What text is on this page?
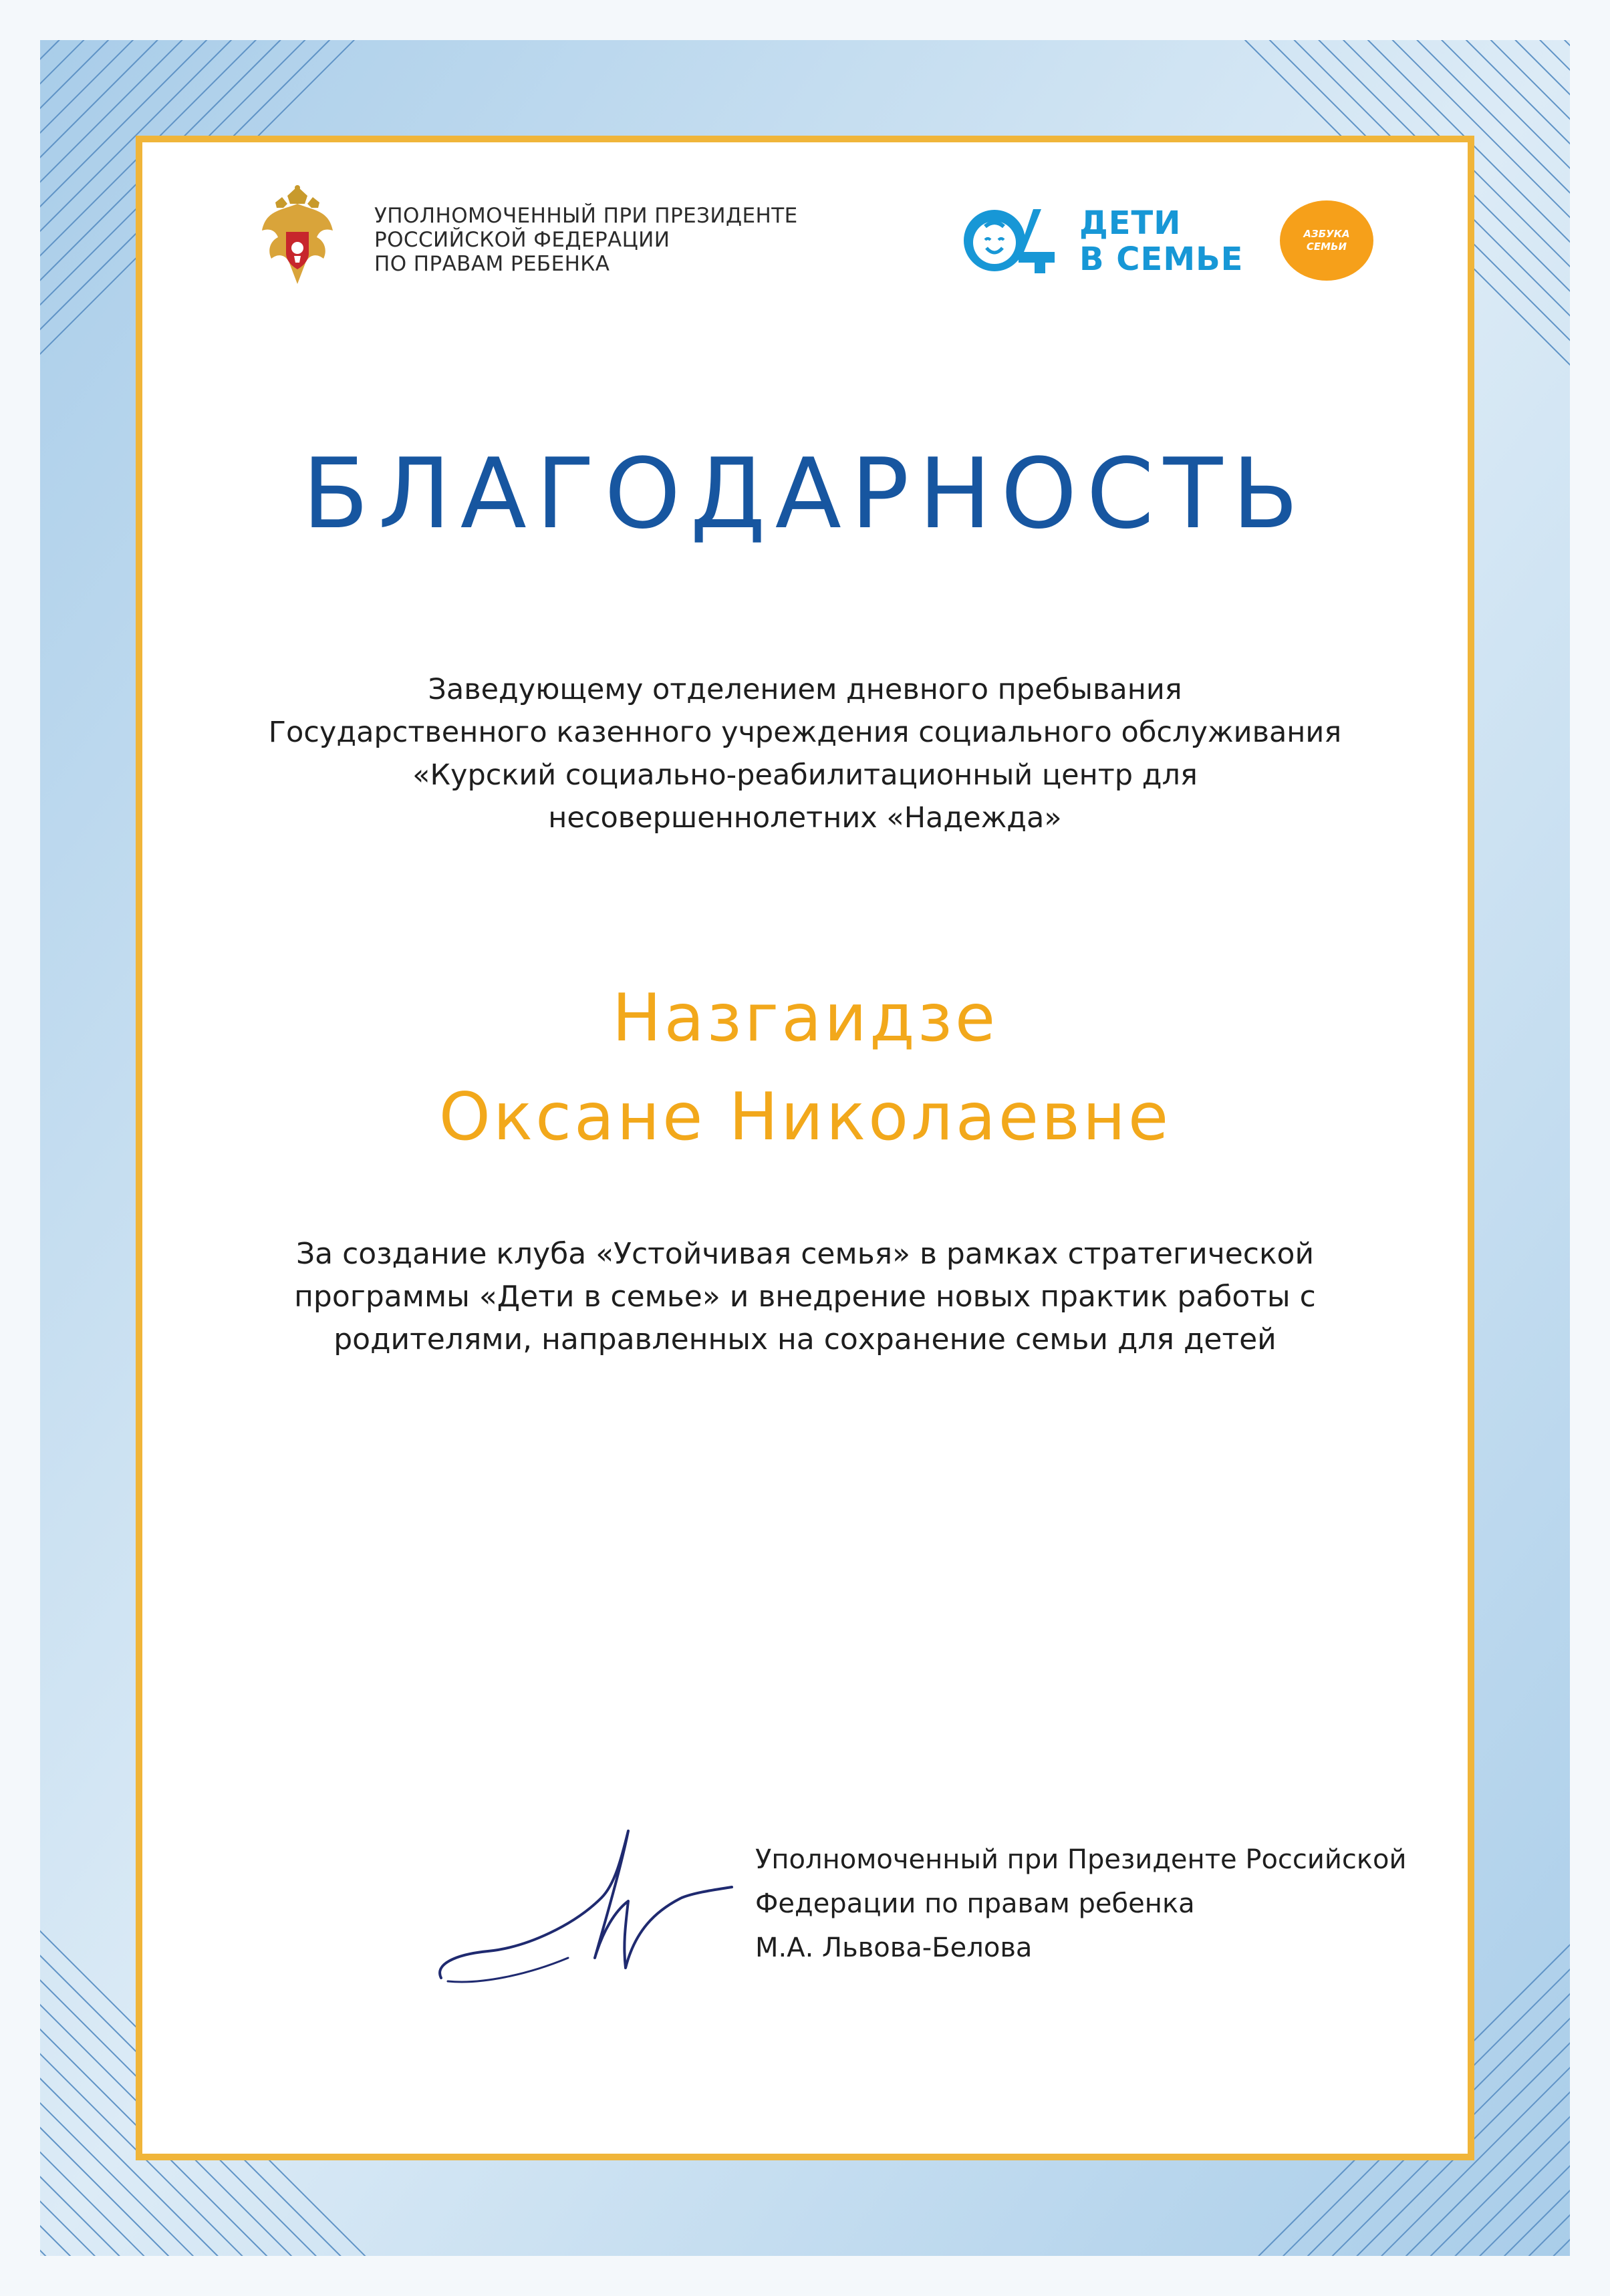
УПОЛНОМОЧЕННЫЙ ПРИ ПРЕЗИДЕНТЕ
РОССИЙСКОЙ ФЕДЕРАЦИИ
ПО ПРАВАМ РЕБЕНКА
ДЕТИ
В СЕМЬЕ
АЗБУКА
СЕМЬИ
БЛАГОДАРНОСТЬ
Заведующему отделением дневного пребывания
Государственного казенного учреждения социального обслуживания
«Курский социально-реабилитационный центр для
несовершеннолетних «Надежда»
Назгаидзе
Оксане Николаевне
За создание клуба «Устойчивая семья» в рамках стратегической
программы «Дети в семье» и внедрение новых практик работы с
родителями, направленных на сохранение семьи для детей
Уполномоченный при Президенте Российской
Федерации по правам ребенка
М.А. Львова-Белова
